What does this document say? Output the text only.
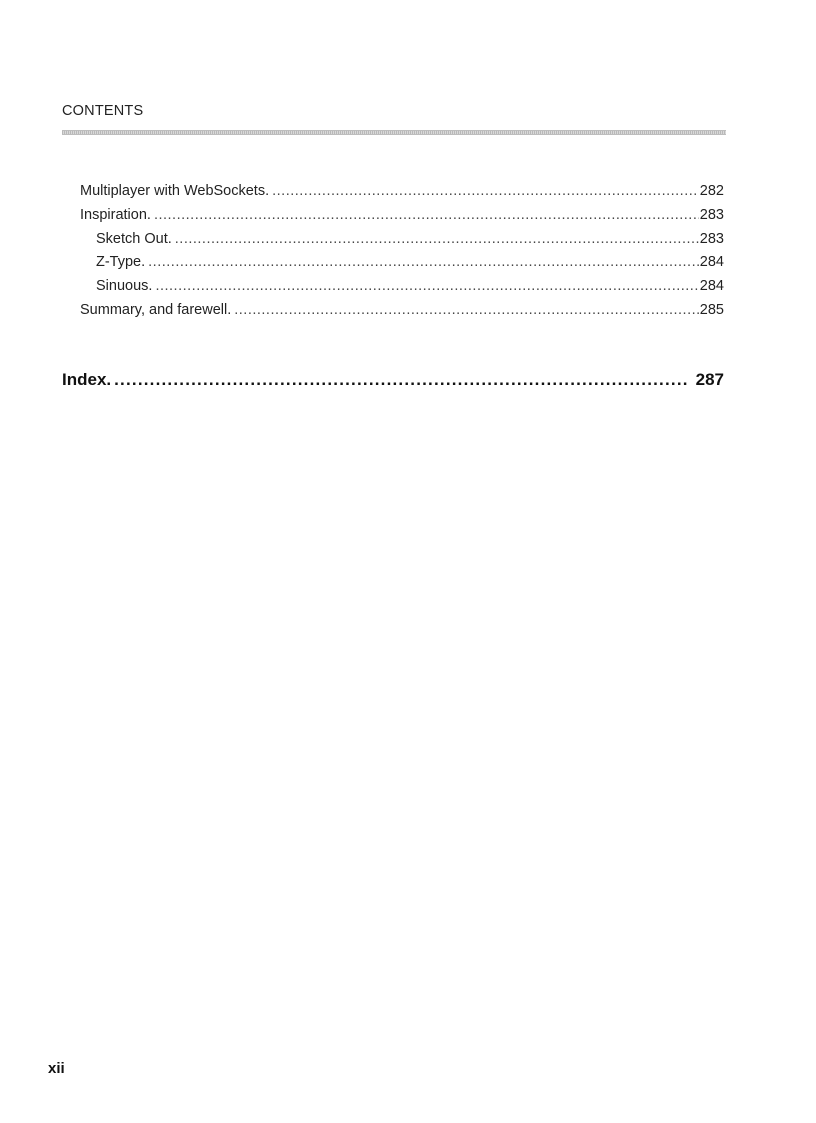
CONTENTS
Multiplayer with WebSockets. .....	282
Inspiration. .....	283
Sketch Out. .....	283
Z-Type. .....	284
Sinuous. .....	284
Summary, and farewell. .....	285
Index. .....	287
xii
